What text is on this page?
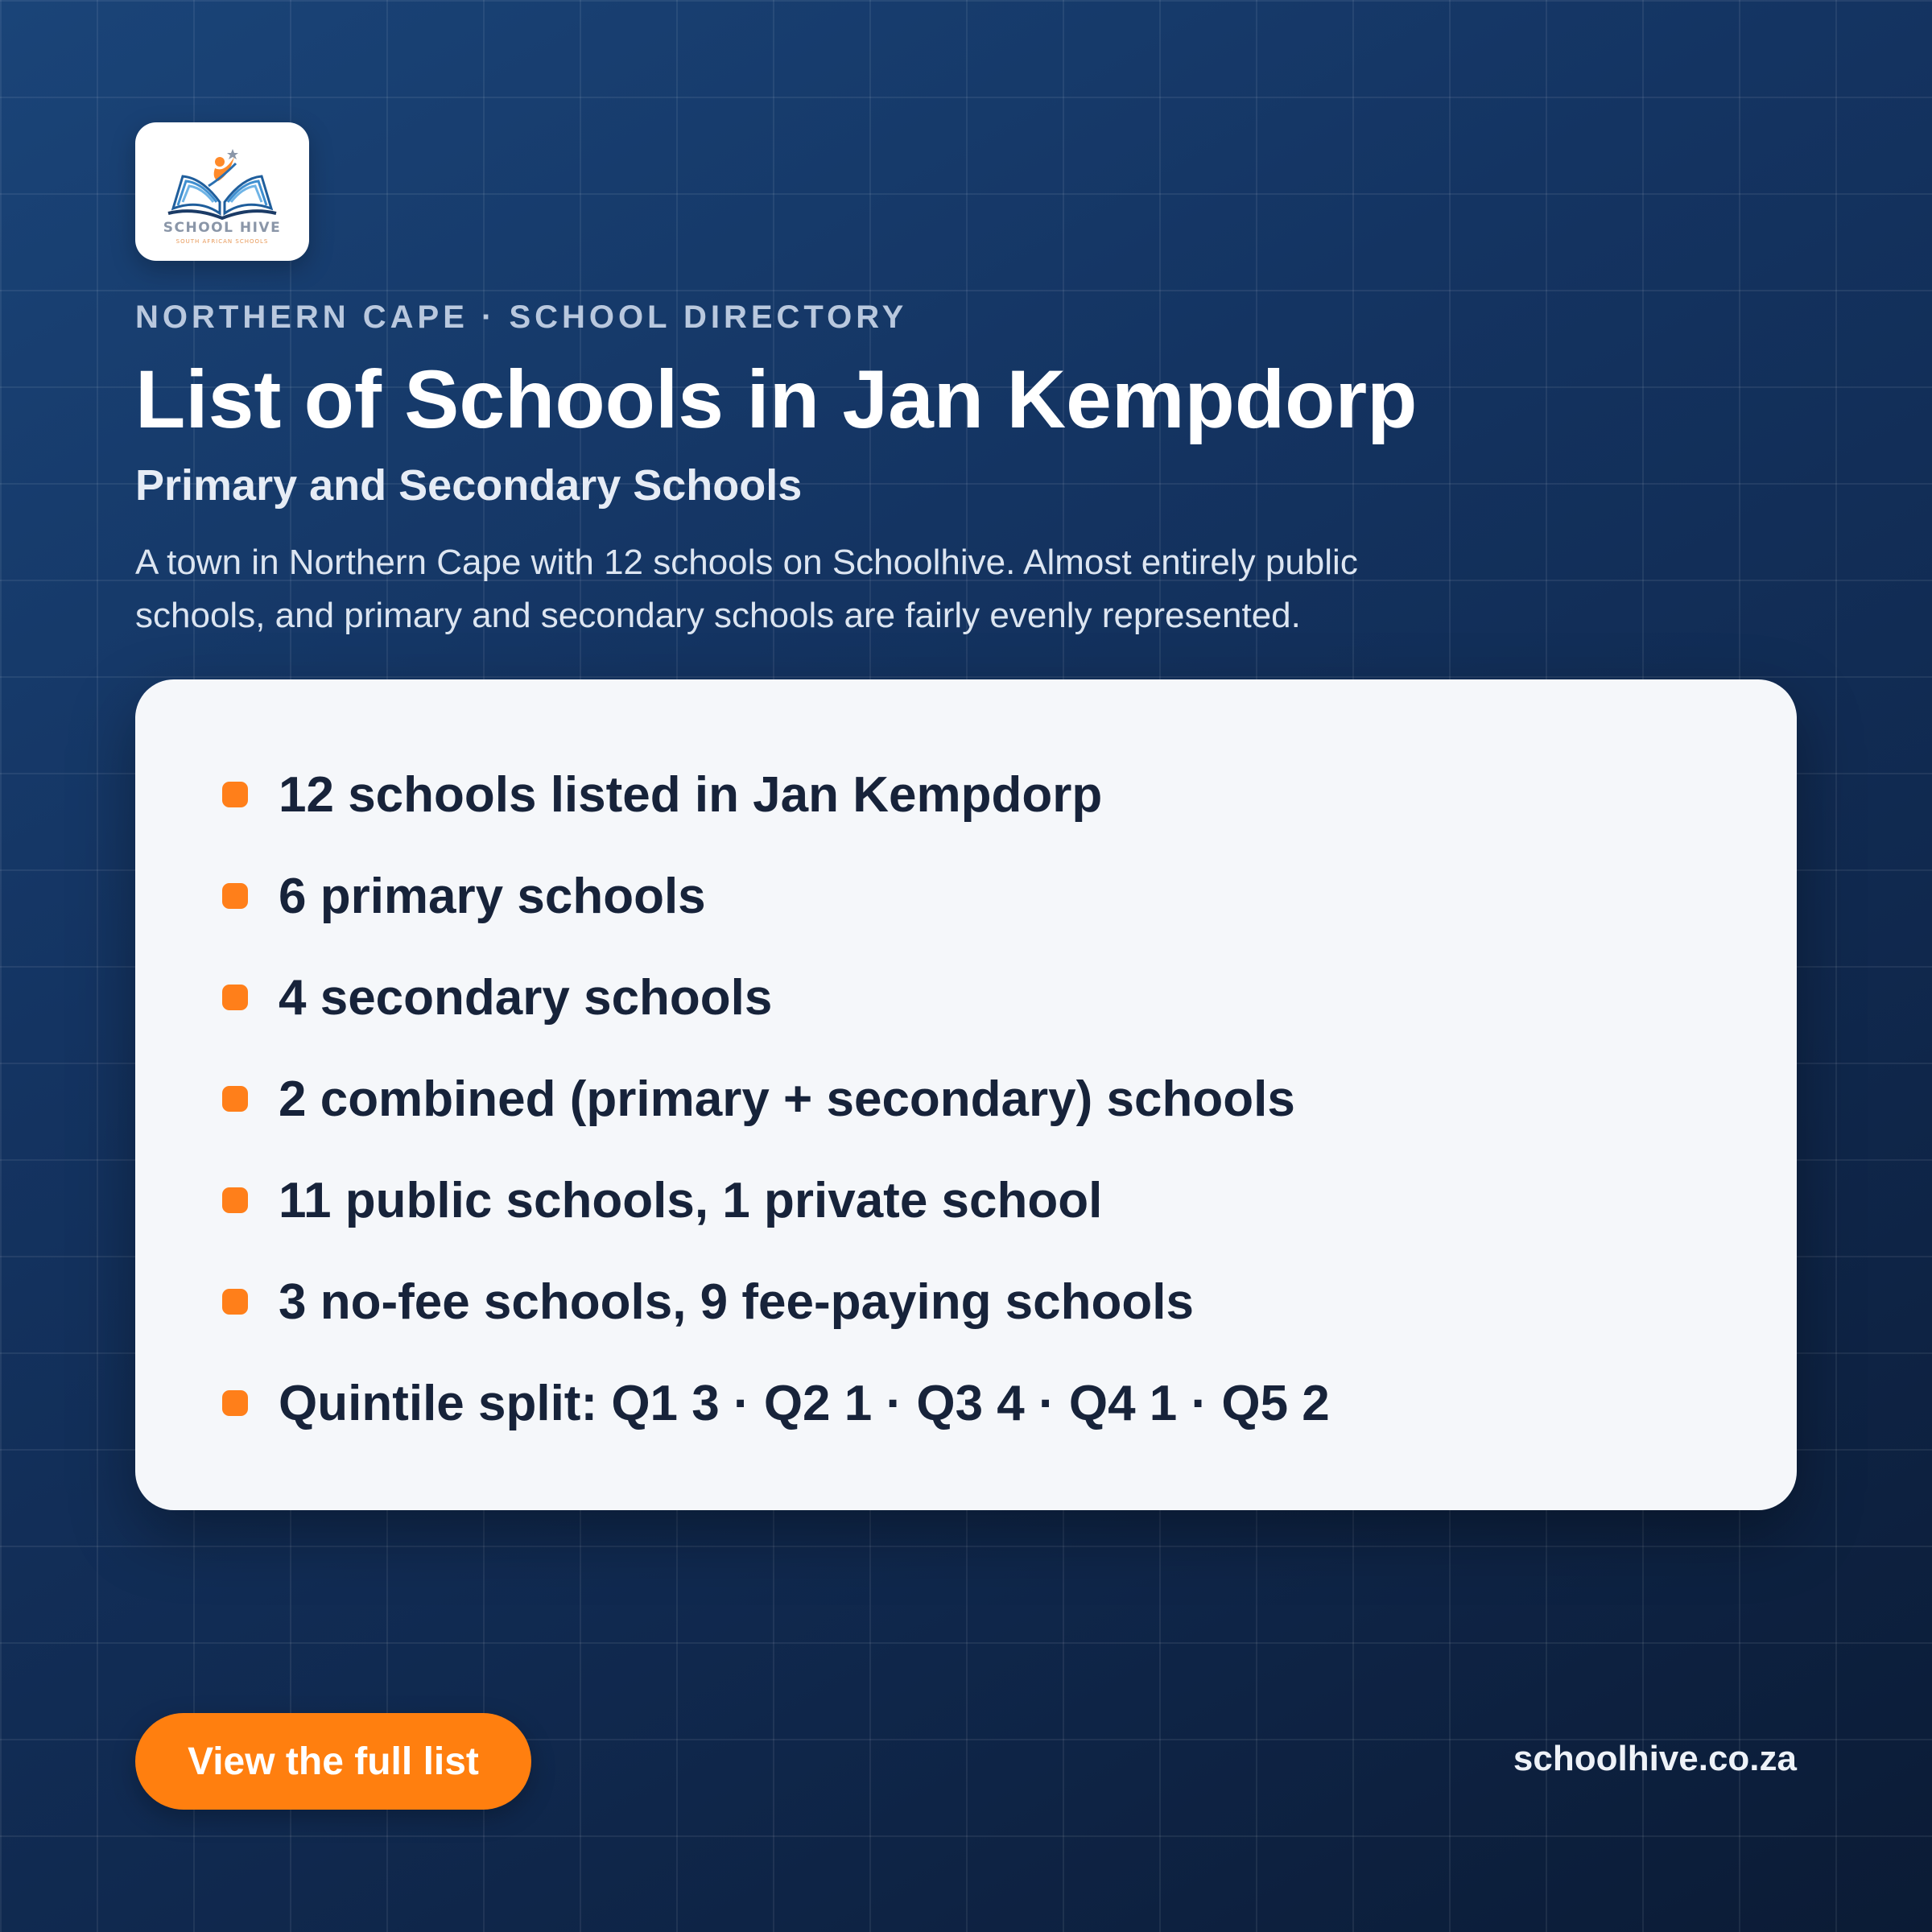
SCHOOL HIVE
SOUTH AFRICAN SCHOOLS
NORTHERN CAPE · SCHOOL DIRECTORY
List of Schools in Jan Kempdorp
Primary and Secondary Schools
A town in Northern Cape with 12 schools on Schoolhive. Almost entirely public schools, and primary and secondary schools are fairly evenly represented.
12 schools listed in Jan Kempdorp
6 primary schools
4 secondary schools
2 combined (primary + secondary) schools
11 public schools, 1 private school
3 no-fee schools, 9 fee-paying schools
Quintile split: Q1 3 · Q2 1 · Q3 4 · Q4 1 · Q5 2
View the full list	schoolhive.co.za
